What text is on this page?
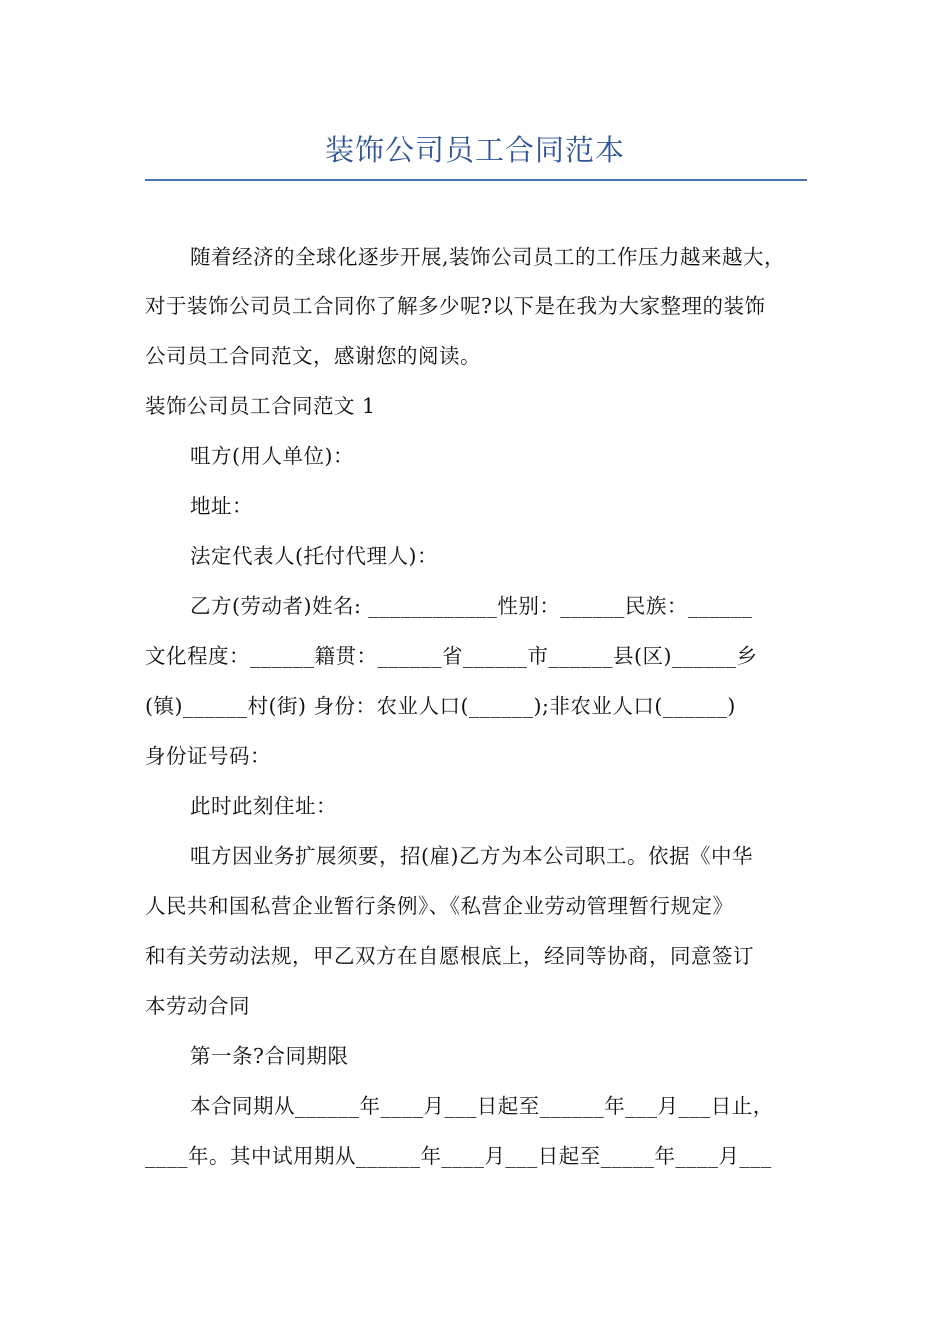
装饰公司员工合同范本
随着经济的全球化逐步开展,装饰公司员工的工作压力越来越大，
对于装饰公司员工合同你了解多少呢?以下是在我为大家整理的装饰
公司员工合同范文，感谢您的阅读。
装饰公司员工合同范文 1
咀方(用人单位)：
地址：
法定代表人(托付代理人)：
乙方(劳动者)姓名: ____________性别：______民族：______
文化程度：______籍贯：______省______市______县(区)______乡
(镇)______村(街) 身份：农业人口(______);非农业人口(______)
身份证号码：
此时此刻住址：
咀方因业务扩展须要，招(雇)乙方为本公司职工。依据《中华
人民共和国私营企业暂行条例》、《私营企业劳动管理暂行规定》
和有关劳动法规，甲乙双方在自愿根底上，经同等协商，同意签订
本劳动合同
第一条?合同期限
本合同期从______年____月___日起至______年___月___日止，
____年。其中试用期从______年____月___日起至_____年____月___
